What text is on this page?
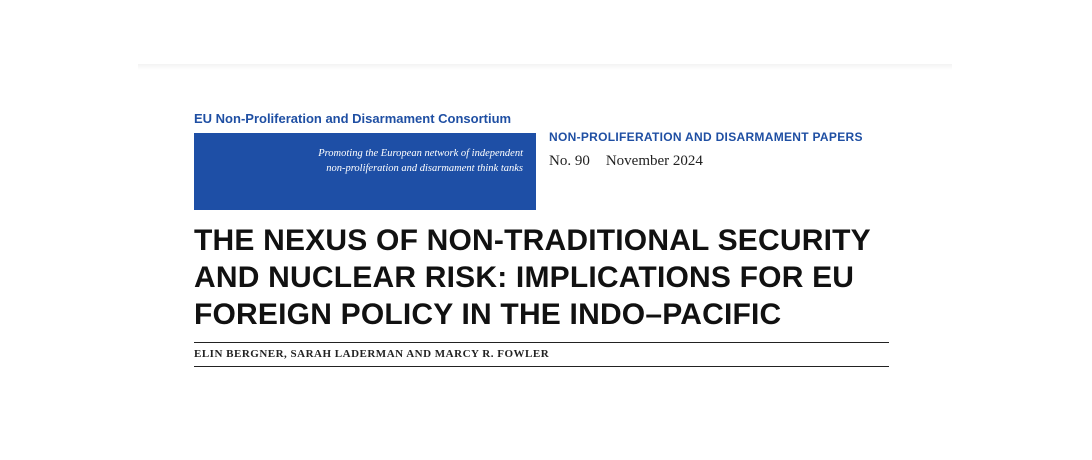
EU Non-Proliferation and Disarmament Consortium
Promoting the European network of independent
non-proliferation and disarmament think tanks
NON-PROLIFERATION AND DISARMAMENT PAPERS
No. 90 November 2024
THE NEXUS OF NON-TRADITIONAL SECURITY
AND NUCLEAR RISK: IMPLICATIONS FOR EU
FOREIGN POLICY IN THE INDO–PACIFIC
ELIN BERGNER, SARAH LADERMAN AND MARCY R. FOWLER
